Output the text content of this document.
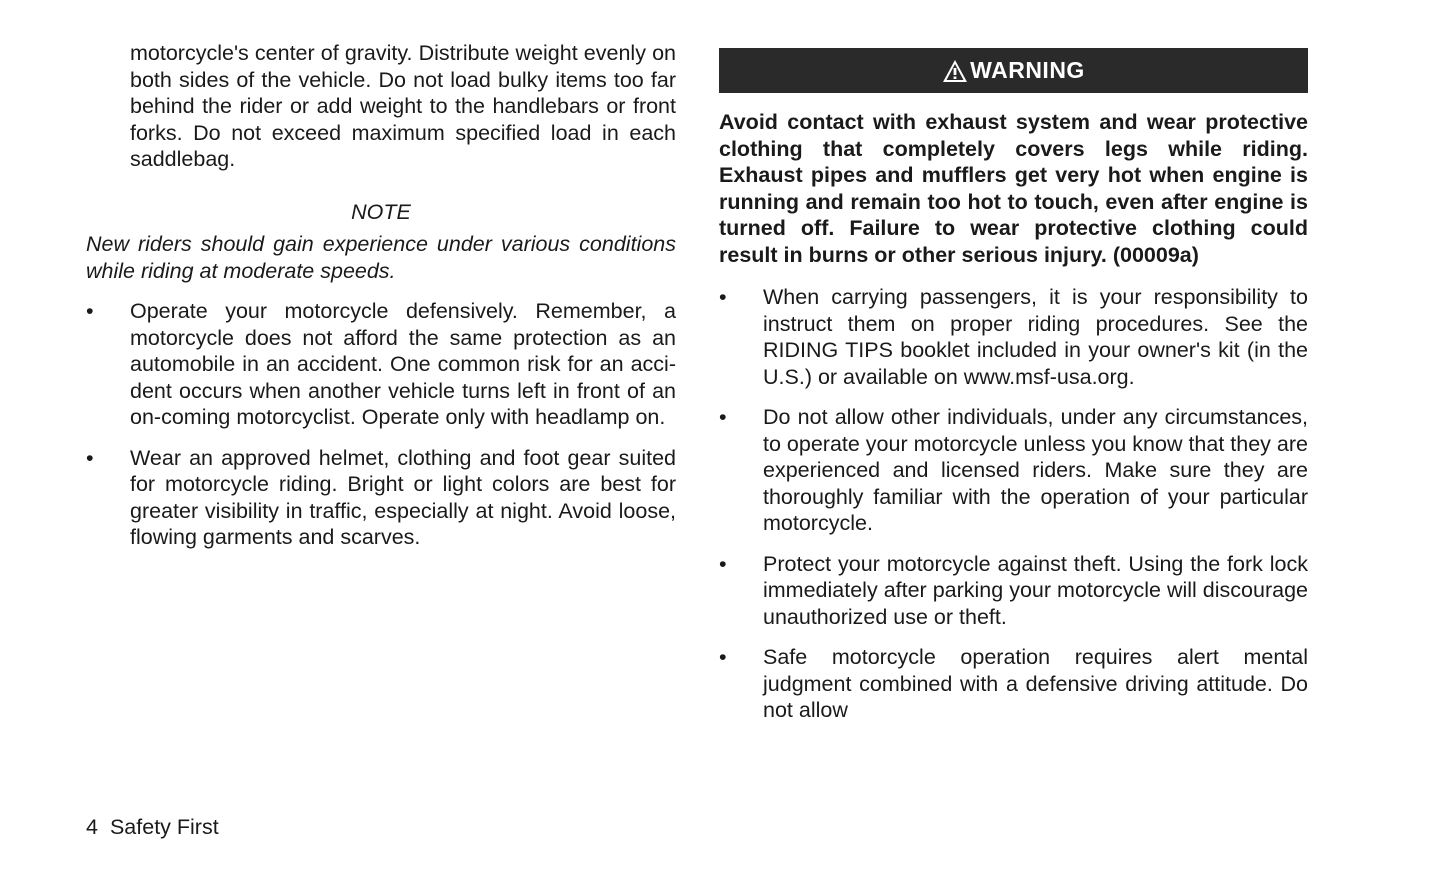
motorcycle's center of gravity. Distribute weight evenly on both sides of the vehicle. Do not load bulky items too far behind the rider or add weight to the handlebars or front forks. Do not exceed maximum specified load in each saddlebag.

NOTE

New riders should gain experience under various conditions while riding at moderate speeds.

•	Operate your motorcycle defensively. Remember, a motorcycle does not afford the same protection as an automobile in an accident. One common risk for an acci-dent occurs when another vehicle turns left in front of an on-coming motorcyclist. Operate only with headlamp on.
•	Wear an approved helmet, clothing and foot gear suited for motorcycle riding. Bright or light colors are best for greater visibility in traffic, especially at night. Avoid loose, flowing garments and scarves.
WARNING

Avoid contact with exhaust system and wear protective clothing that completely covers legs while riding. Exhaust pipes and mufflers get very hot when engine is running and remain too hot to touch, even after engine is turned off. Failure to wear protective clothing could result in burns or other serious injury. (00009a)

•	When carrying passengers, it is your responsibility to instruct them on proper riding procedures. See the RIDING TIPS booklet included in your owner's kit (in the U.S.) or available on www.msf-usa.org.
•	Do not allow other individuals, under any circumstances, to operate your motorcycle unless you know that they are experienced and licensed riders. Make sure they are thoroughly familiar with the operation of your particular motorcycle.
•	Protect your motorcycle against theft. Using the fork lock immediately after parking your motorcycle will discourage unauthorized use or theft.
•	Safe motorcycle operation requires alert mental judgment combined with a defensive driving attitude. Do not allow
4 Safety First
